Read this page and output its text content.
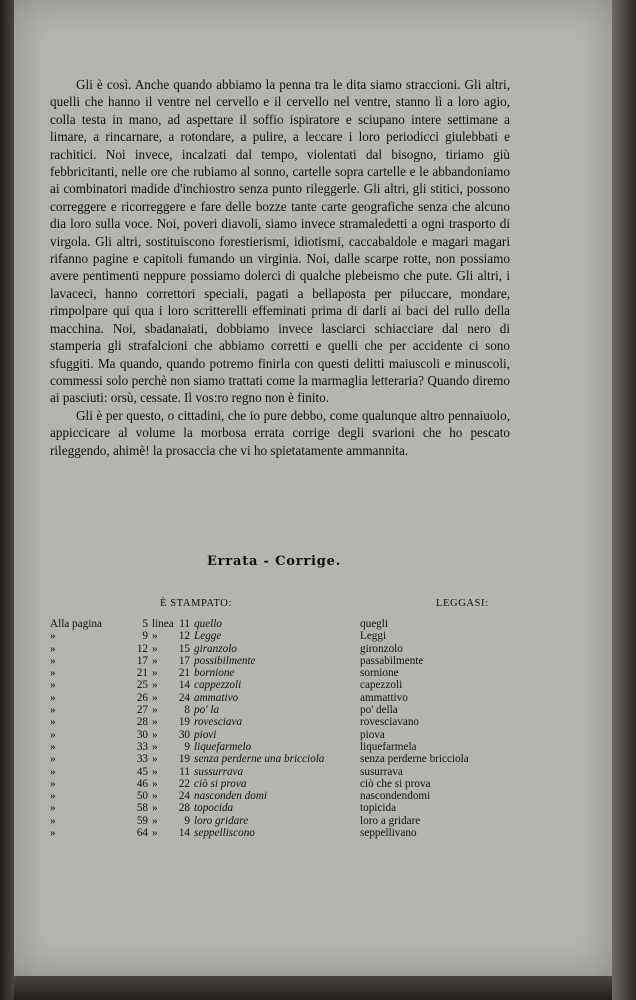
Gli è così. Anche quando abbiamo la penna tra le dita siamo straccioni. Gli altri, quelli che hanno il ventre nel cervello e il cervello nel ventre, stanno lì a loro agio, colla testa in mano, ad aspettare il soffio ispiratore e sciupano intere settimane a limare, a rincarnare, a rotondare, a pulire, a leccare i loro periodicci giulebbati e rachitici. Noi invece, incalzati dal tempo, violentati dal bisogno, tiriamo giù febbricitanti, nelle ore che rubiamo al sonno, cartelle sopra cartelle e le abbandoniamo ai combinatori madide d'inchiostro senza punto rileggerle. Gli altri, gli stitici, possono correggere e ricorreggere e fare delle bozze tante carte geografiche senza che alcuno dia loro sulla voce. Noi, poveri diavoli, siamo invece stramaledetti a ogni trasporto di virgola. Gli altri, sostituiscono forestierismi, idiotismi, caccabaldole e magari magari rifanno pagine e capitoli fumando un virginia. Noi, dalle scarpe rotte, non possiamo avere pentimenti neppure possiamo dolerci di qualche plebeismo che pute. Gli altri, i lavaceci, hanno correttori speciali, pagati a bellaposta per piluccare, mondare, rimpolpare qui qua i loro scritterelli effeminati prima di darli ai baci del rullo della macchina. Noi, sbadanaiati, dobbiamo invece lasciarci schiacciare dal nero di stamperia gli strafalcioni che abbiamo corretti e quelli che per accidente ci sono sfuggiti. Ma quando, quando potremo finirla con questi delitti maiuscoli e minuscoli, commessi solo perchè non siamo trattati come la marmaglia letteraria? Quando diremo ai pasciuti: orsù, cessate. Il vos:ro regno non è finito.

Gli è per questo, o cittadini, che io pure debbo, come qualunque altro pennaiuolo, appiccicare al volume la morbosa errata corrige degli svarioni che ho pescato rileggendo, ahimè! la prosaccia che vi ho spietatamente ammannita.

Errata - Corrige.
È STAMPATO:	LEGGASI:
Alla pagina	5 linea 11 quello	quegli
»	9 »	12 Legge	Leggi
»	12 »	15 giranzolo	gironzolo
»	17 »	17 possibilmente	passabilmente
»	21 »	21 bornione	sornione
»	25 »	14 cappezzoli	capezzoli
»	26 »	24 ammativo	ammattivo
»	27 »	8 po' la	po' della
»	28 »	19 rovesciava	rovesciavano
»	30 »	30 piovi	piova
»	33 »	9 liquefarmelo	liquefarmela
»	33 »	19 senza perderne una bricciola	senza perderne bricciola
»	45 »	11 sussurrava	susurrava
»	46 »	22 ciò si prova	ciò che si prova
»	50 »	24 nasconden domi	nascondendomi
»	58 »	28 topocida	topicida
»	59 »	9 loro gridare	loro a gridare
»	64 »	14 seppelliscono	seppellivano
